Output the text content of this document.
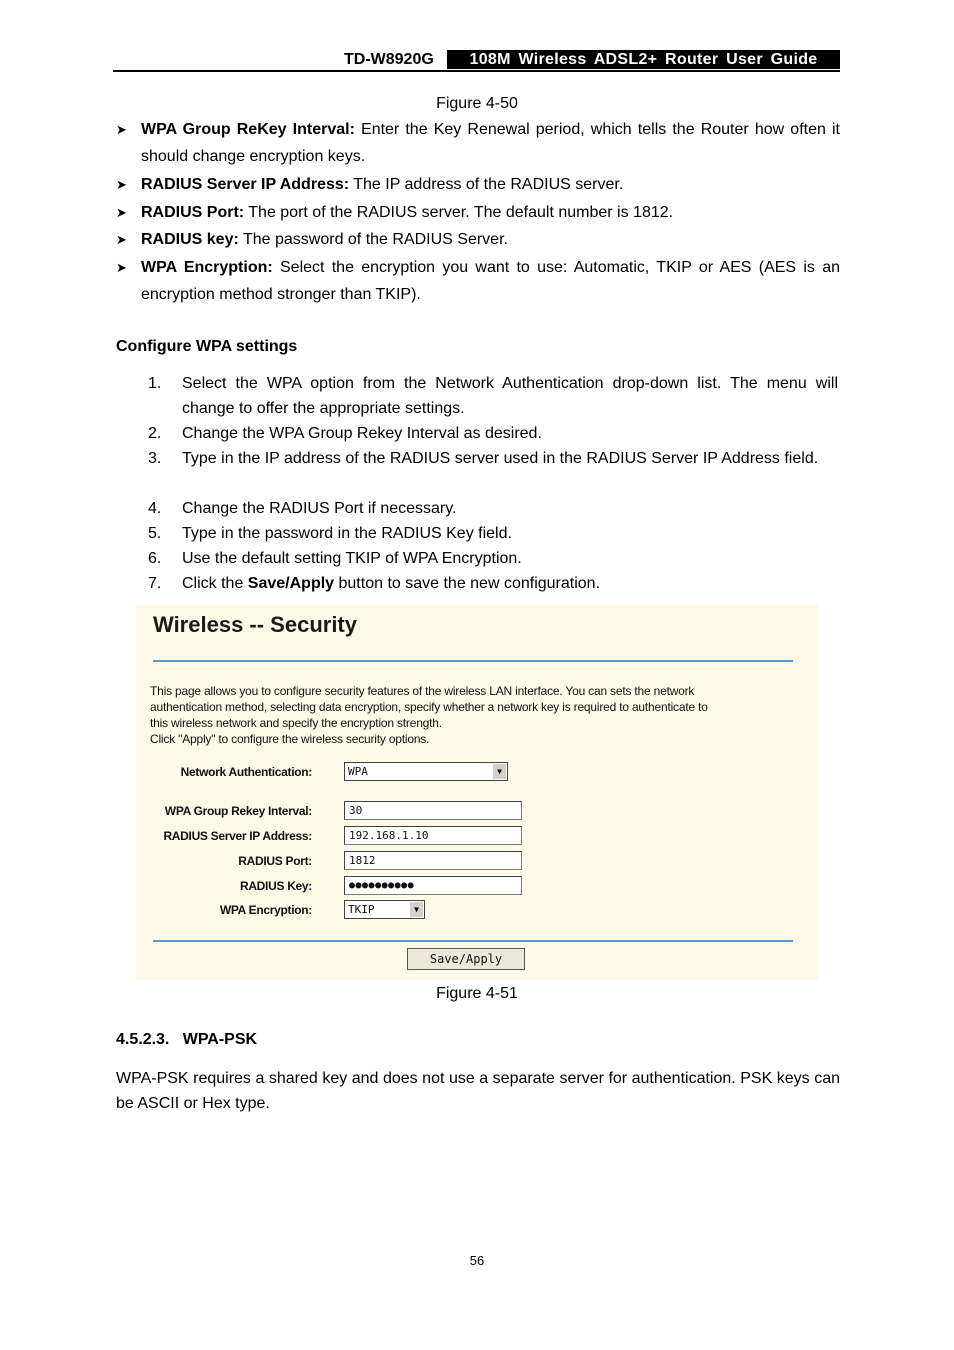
TD-W8920G	108M Wireless ADSL2+ Router User Guide
Figure 4-50
➤ WPA Group ReKey Interval: Enter the Key Renewal period, which tells the Router how often it should change encryption keys.
➤ RADIUS Server IP Address: The IP address of the RADIUS server.
➤ RADIUS Port: The port of the RADIUS server. The default number is 1812.
➤ RADIUS key: The password of the RADIUS Server.
➤ WPA Encryption: Select the encryption you want to use: Automatic, TKIP or AES (AES is an encryption method stronger than TKIP).
Configure WPA settings
1. Select the WPA option from the Network Authentication drop-down list. The menu will change to offer the appropriate settings.
2. Change the WPA Group Rekey Interval as desired.
3. Type in the IP address of the RADIUS server used in the RADIUS Server IP Address field.
4. Change the RADIUS Port if necessary.
5. Type in the password in the RADIUS Key field.
6. Use the default setting TKIP of WPA Encryption.
7. Click the Save/Apply button to save the new configuration.
Wireless -- Security
This page allows you to configure security features of the wireless LAN interface. You can sets the network
authentication method, selecting data encryption, specify whether a network key is required to authenticate to
this wireless network and specify the encryption strength.
Click "Apply" to configure the wireless security options.
Network Authentication:	WPA	▼
WPA Group Rekey Interval:	30
RADIUS Server IP Address:	192.168.1.10
RADIUS Port:	1812
RADIUS Key:	●●●●●●●●●●
WPA Encryption:	TKIP	▼
Save/Apply
Figure 4-51
4.5.2.3.   WPA-PSK
WPA-PSK requires a shared key and does not use a separate server for authentication. PSK keys can be ASCII or Hex type.
56
